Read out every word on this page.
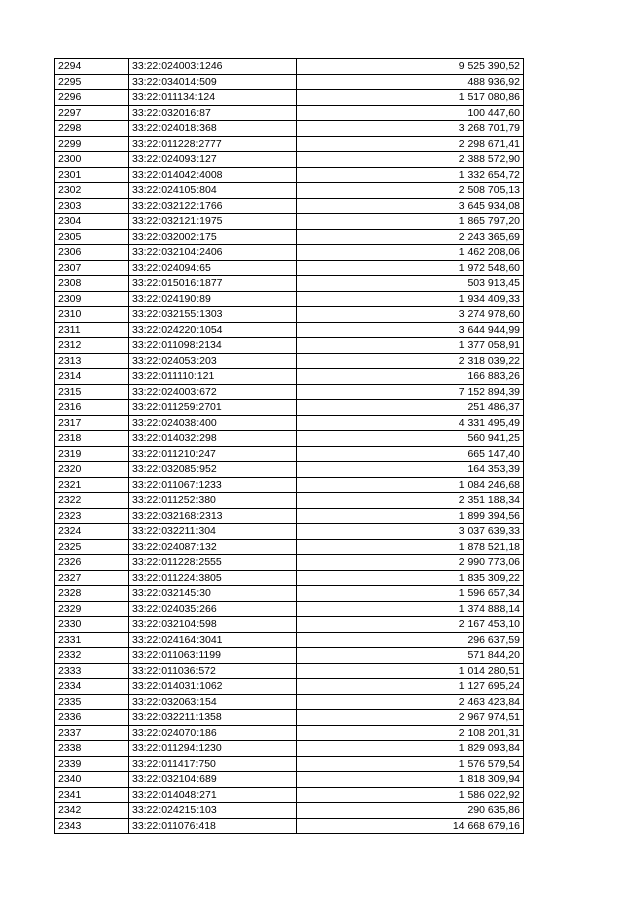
2294	33:22:024003:1246	9 525 390,52
2295	33:22:034014:509	488 936,92
2296	33:22:011134:124	1 517 080,86
2297	33:22:032016:87	100 447,60
2298	33:22:024018:368	3 268 701,79
2299	33:22:011228:2777	2 298 671,41
2300	33:22:024093:127	2 388 572,90
2301	33:22:014042:4008	1 332 654,72
2302	33:22:024105:804	2 508 705,13
2303	33:22:032122:1766	3 645 934,08
2304	33:22:032121:1975	1 865 797,20
2305	33:22:032002:175	2 243 365,69
2306	33:22:032104:2406	1 462 208,06
2307	33:22:024094:65	1 972 548,60
2308	33:22:015016:1877	503 913,45
2309	33:22:024190:89	1 934 409,33
2310	33:22:032155:1303	3 274 978,60
2311	33:22:024220:1054	3 644 944,99
2312	33:22:011098:2134	1 377 058,91
2313	33:22:024053:203	2 318 039,22
2314	33:22:011110:121	166 883,26
2315	33:22:024003:672	7 152 894,39
2316	33:22:011259:2701	251 486,37
2317	33:22:024038:400	4 331 495,49
2318	33:22:014032:298	560 941,25
2319	33:22:011210:247	665 147,40
2320	33:22:032085:952	164 353,39
2321	33:22:011067:1233	1 084 246,68
2322	33:22:011252:380	2 351 188,34
2323	33:22:032168:2313	1 899 394,56
2324	33:22:032211:304	3 037 639,33
2325	33:22:024087:132	1 878 521,18
2326	33:22:011228:2555	2 990 773,06
2327	33:22:011224:3805	1 835 309,22
2328	33:22:032145:30	1 596 657,34
2329	33:22:024035:266	1 374 888,14
2330	33:22:032104:598	2 167 453,10
2331	33:22:024164:3041	296 637,59
2332	33:22:011063:1199	571 844,20
2333	33:22:011036:572	1 014 280,51
2334	33:22:014031:1062	1 127 695,24
2335	33:22:032063:154	2 463 423,84
2336	33:22:032211:1358	2 967 974,51
2337	33:22:024070:186	2 108 201,31
2338	33:22:011294:1230	1 829 093,84
2339	33:22:011417:750	1 576 579,54
2340	33:22:032104:689	1 818 309,94
2341	33:22:014048:271	1 586 022,92
2342	33:22:024215:103	290 635,86
2343	33:22:011076:418	14 668 679,16
